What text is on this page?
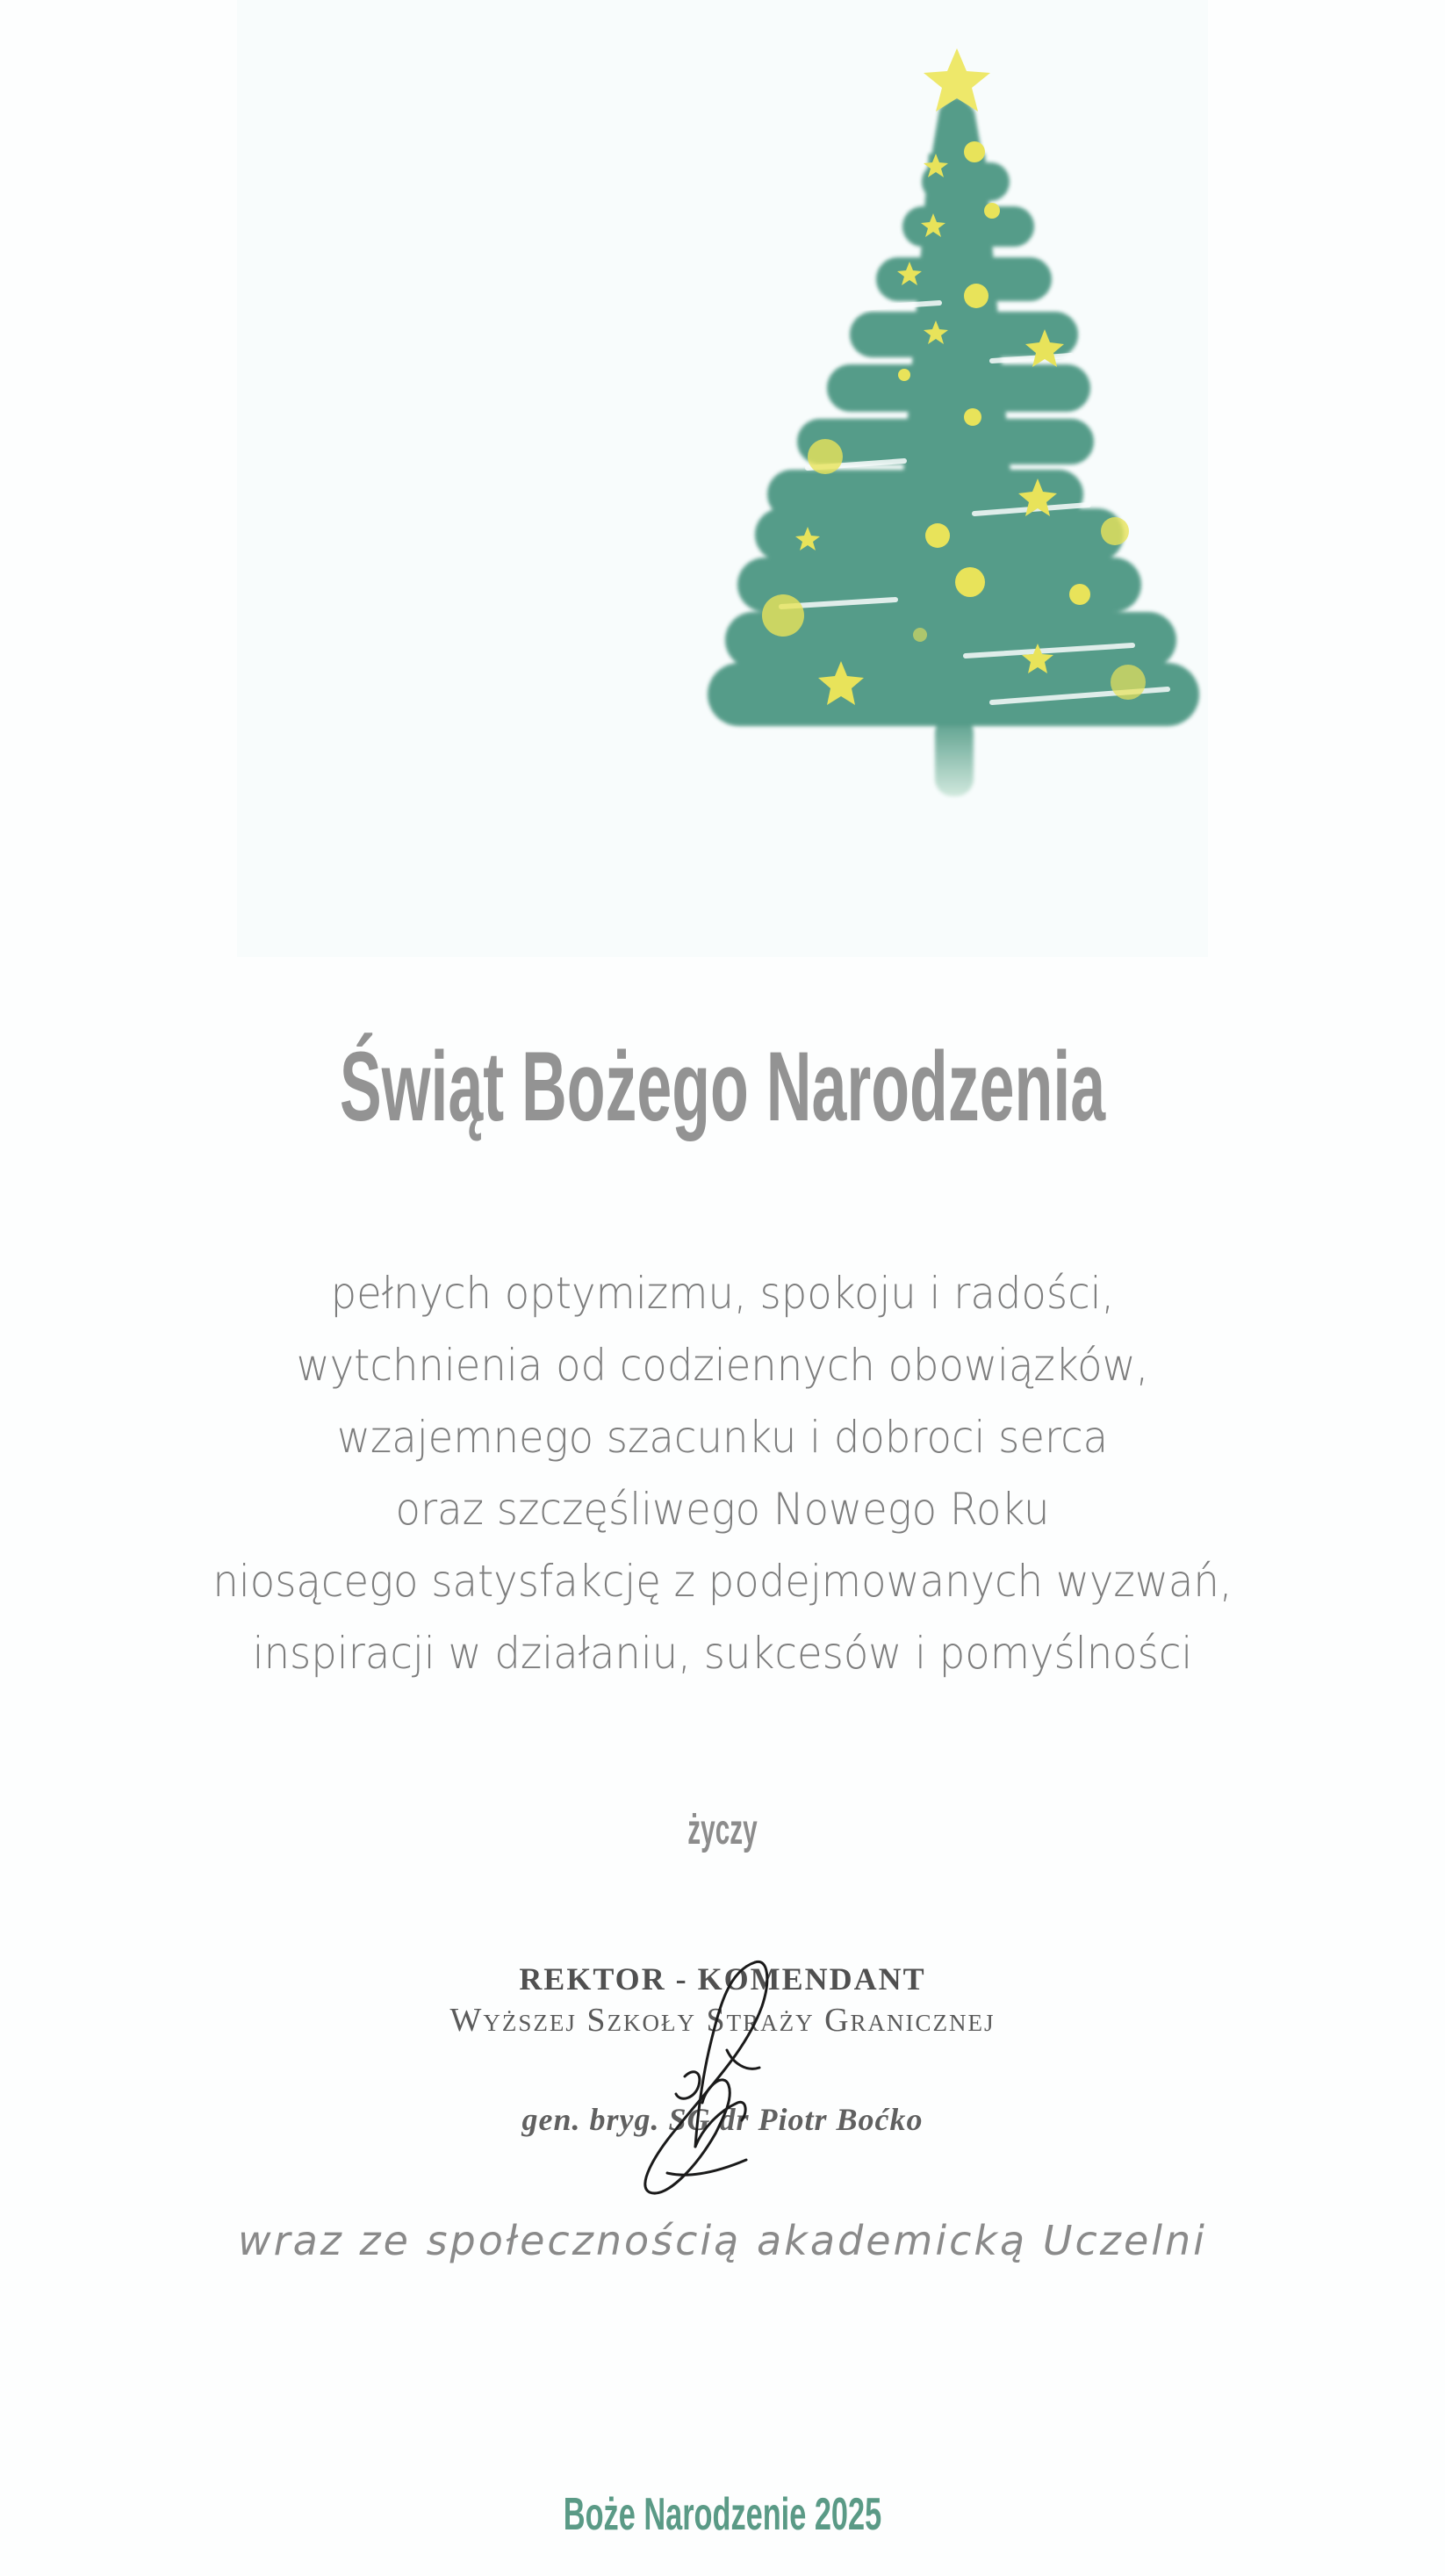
Świąt Bożego Narodzenia
pełnych optymizmu, spokoju i radości,
wytchnienia od codziennych obowiązków,
wzajemnego szacunku i dobroci serca
oraz szczęśliwego Nowego Roku
niosącego satysfakcję z podejmowanych wyzwań,
inspiracji w działaniu, sukcesów i pomyślności
życzy
REKTOR - KOMENDANT
Wyższej Szkoły Straży Granicznej
gen. bryg. SG dr Piotr Boćko
wraz ze społecznością akademicką Uczelni
Boże Narodzenie 2025
